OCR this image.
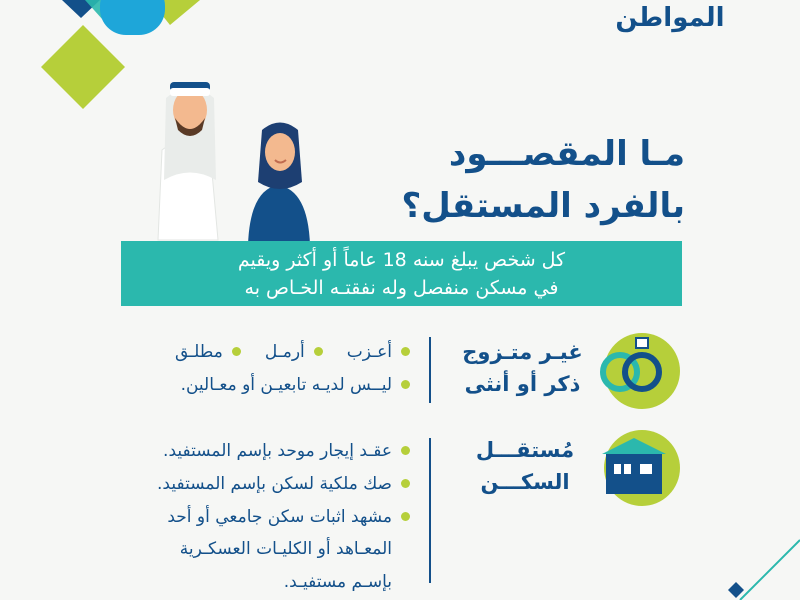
المواطن
مـا المقصـــود
بالفرد المستقل؟
كل شخص يبلغ سنه 18 عاماً أو أكثر ويقيم
في مسكن منفصل وله نفقتـه الخـاص به
غيـر متـزوج
ذكر أو أنثى
أعـزب
أرمـل
مطلـق
ليــس لديـه تابعيـن أو معـالين.
مُستقـــل
السكـــن
عقـد إيجار موحد بإسم المستفيد.
صك ملكية لسكن بإسم المستفيد.
مشهد اثبات سكن جامعي أو أحد
المعـاهد أو الكليـات العسكـرية
بإسـم مستفيـد.
